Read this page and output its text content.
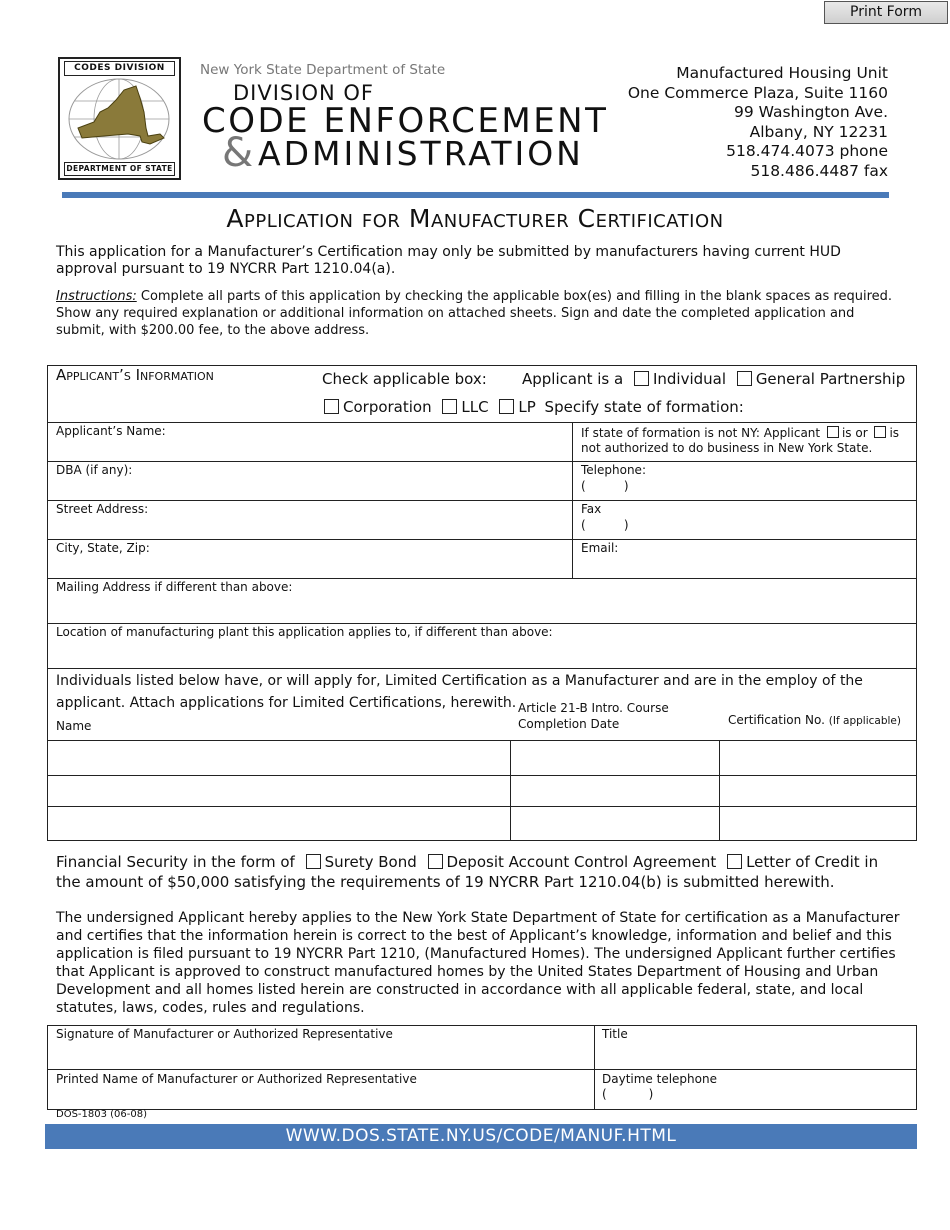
Print Form
CODES DIVISION
DEPARTMENT OF STATE
New York State Department of State
DIVISION OF
CODE ENFORCEMENT
& ADMINISTRATION
Manufactured Housing Unit
One Commerce Plaza, Suite 1160
99 Washington Ave.
Albany, NY 12231
518.474.4073 phone
518.486.4487 fax
Application for Manufacturer Certification
This application for a Manufacturer’s Certification may only be submitted by manufacturers having current HUD approval pursuant to 19 NYCRR Part 1210.04(a).
Instructions: Complete all parts of this application by checking the applicable box(es) and filling in the blank spaces as required. Show any required explanation or additional information on attached sheets. Sign and date the completed application and submit, with $200.00 fee, to the above address.
Applicant’s Information	Check applicable box: Applicant is a Individual General Partnership
Corporation LLC LP Specify state of formation:
Applicant’s Name:	If state of formation is not NY: Applicant is or is not authorized to do business in New York State.
DBA (if any):	Telephone:
(          )
Street Address:	Fax
(          )
City, State, Zip:	Email:
Mailing Address if different than above:
Location of manufacturing plant this application applies to, if different than above:
Individuals listed below have, or will apply for, Limited Certification as a Manufacturer and are in the employ of the applicant. Attach applications for Limited Certifications, herewith.
Name
Article 21-B Intro. Course Completion Date	Certification No. (If applicable)
Financial Security in the form of Surety Bond Deposit Account Control Agreement Letter of Credit in
the amount of $50,000 satisfying the requirements of 19 NYCRR Part 1210.04(b) is submitted herewith.
The undersigned Applicant hereby applies to the New York State Department of State for certification as a Manufacturer and certifies that the information herein is correct to the best of Applicant’s knowledge, information and belief and this application is filed pursuant to 19 NYCRR Part 1210, (Manufactured Homes). The undersigned Applicant further certifies that Applicant is approved to construct manufactured homes by the United States Department of Housing and Urban Development and all homes listed herein are constructed in accordance with all applicable federal, state, and local statutes, laws, codes, rules and regulations.
Signature of Manufacturer or Authorized Representative	Title
Printed Name of Manufacturer or Authorized Representative	Daytime telephone
(           )
DOS-1803 (06-08)
WWW.DOS.STATE.NY.US/CODE/MANUF.HTML
